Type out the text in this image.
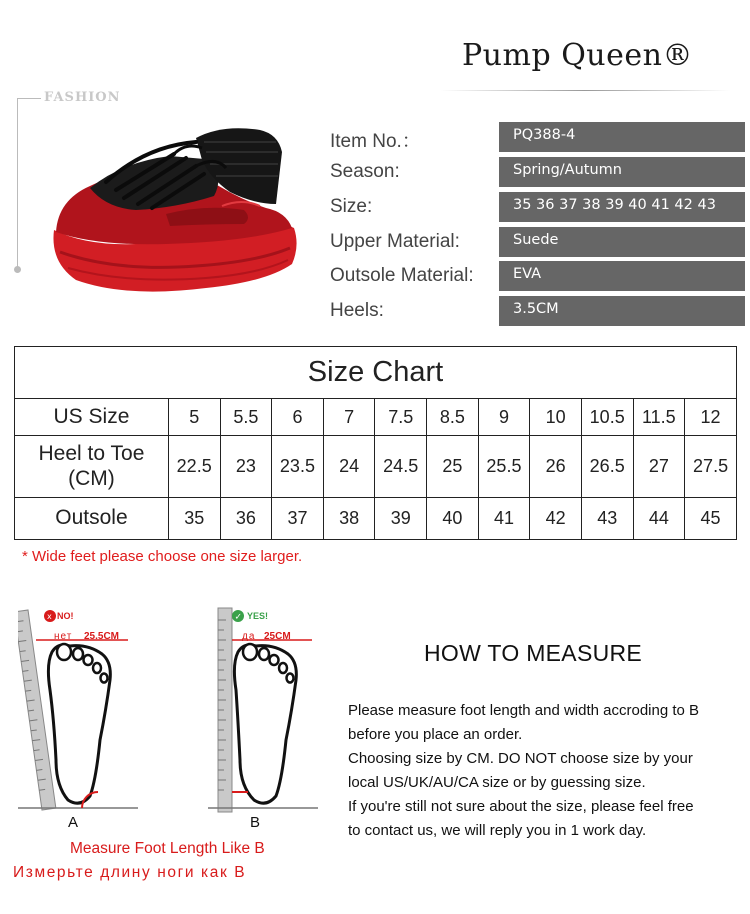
Pump Queen®
FASHION
Item No.：	PQ388-4
Season:	Spring/Autumn
Size:	35 36 37 38 39 40 41 42 43
Upper Material:	Suede
Outsole Material:	EVA
Heels:	3.5CM
Size Chart											
US Size	5	5.5	6	7	7.5	8.5	9	10	10.5	11.5	12
Heel to Toe (CM)	22.5	23	23.5	24	24.5	25	25.5	26	26.5	27	27.5
Outsole	35	36	37	38	39	40	41	42	43	44	45
* Wide feet please choose one size larger.
x NO!
нет 25.5CM
A
✓ YES!
да 25CM
B
Measure Foot Length Like B
Измерьте длину ноги как B
HOW TO MEASURE
Please measure foot length and width accroding to B
before you place an order.
Choosing size by CM. DO NOT choose size by your
local US/UK/AU/CA size or by guessing size.
If you're still not sure about the size, please feel free
to contact us, we will reply you in 1 work day.
